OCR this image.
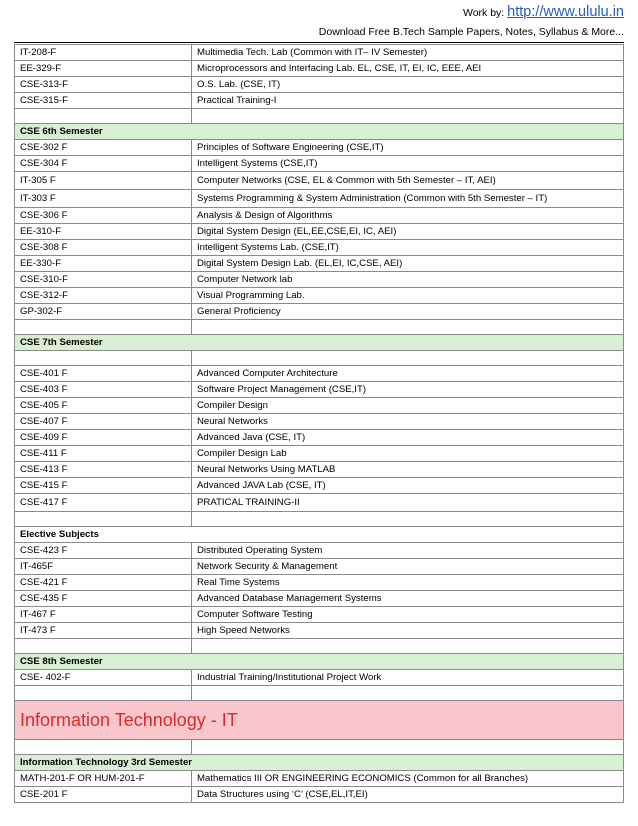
Work by: http://www.ululu.in
Download Free B.Tech Sample Papers, Notes, Syllabus & More...
IT-208-F	Multimedia Tech. Lab (Common with IT– IV Semester)
EE-329-F	Microprocessors and Interfacing Lab. EL, CSE, IT, EI, IC, EEE, AEI
CSE-313-F	O.S. Lab. (CSE, IT)
CSE-315-F	Practical Training-I

CSE 6th Semester	
CSE-302 F	Principles of Software Engineering (CSE,IT)
CSE-304 F	Intelligent Systems (CSE,IT)
IT-305 F	Computer Networks (CSE, EL & Common with 5th Semester – IT, AEI)
IT-303 F	Systems Programming & System Administration (Common with 5th Semester – IT)
CSE-306 F	Analysis & Design of Algorithms
EE-310-F	Digital System Design (EL,EE,CSE,EI, IC, AEI)
CSE-308 F	Intelligent Systems Lab. (CSE,IT)
EE-330-F	Digital System Design Lab. (EL,EI, IC,CSE, AEI)
CSE-310-F	Computer Network lab
CSE-312-F	Visual Programming Lab.
GP-302-F	General Proficiency

CSE 7th Semester	

CSE-401 F	Advanced Computer Architecture
CSE-403 F	Software Project Management (CSE,IT)
CSE-405 F	Compiler Design
CSE-407 F	Neural Networks
CSE-409 F	Advanced Java (CSE, IT)
CSE-411 F	Compiler Design Lab
CSE-413 F	Neural Networks Using MATLAB
CSE-415 F	Advanced JAVA Lab (CSE, IT)
CSE-417 F	PRATICAL TRAINING-II

Elective Subjects	
CSE-423 F	Distributed Operating System
IT-465F	Network Security & Management
CSE-421 F	Real Time Systems
CSE-435 F	Advanced Database Management Systems
IT-467 F	Computer Software Testing
IT-473 F	High Speed Networks

CSE 8th Semester	
CSE- 402-F	Industrial Training/Institutional Project Work

Information Technology - IT	

Information Technology 3rd Semester	
MATH-201-F OR HUM-201-F	Mathematics III OR ENGINEERING ECONOMICS (Common for all Branches)
CSE-201 F	Data Structures using ‘C’ (CSE,EL,IT,EI)
